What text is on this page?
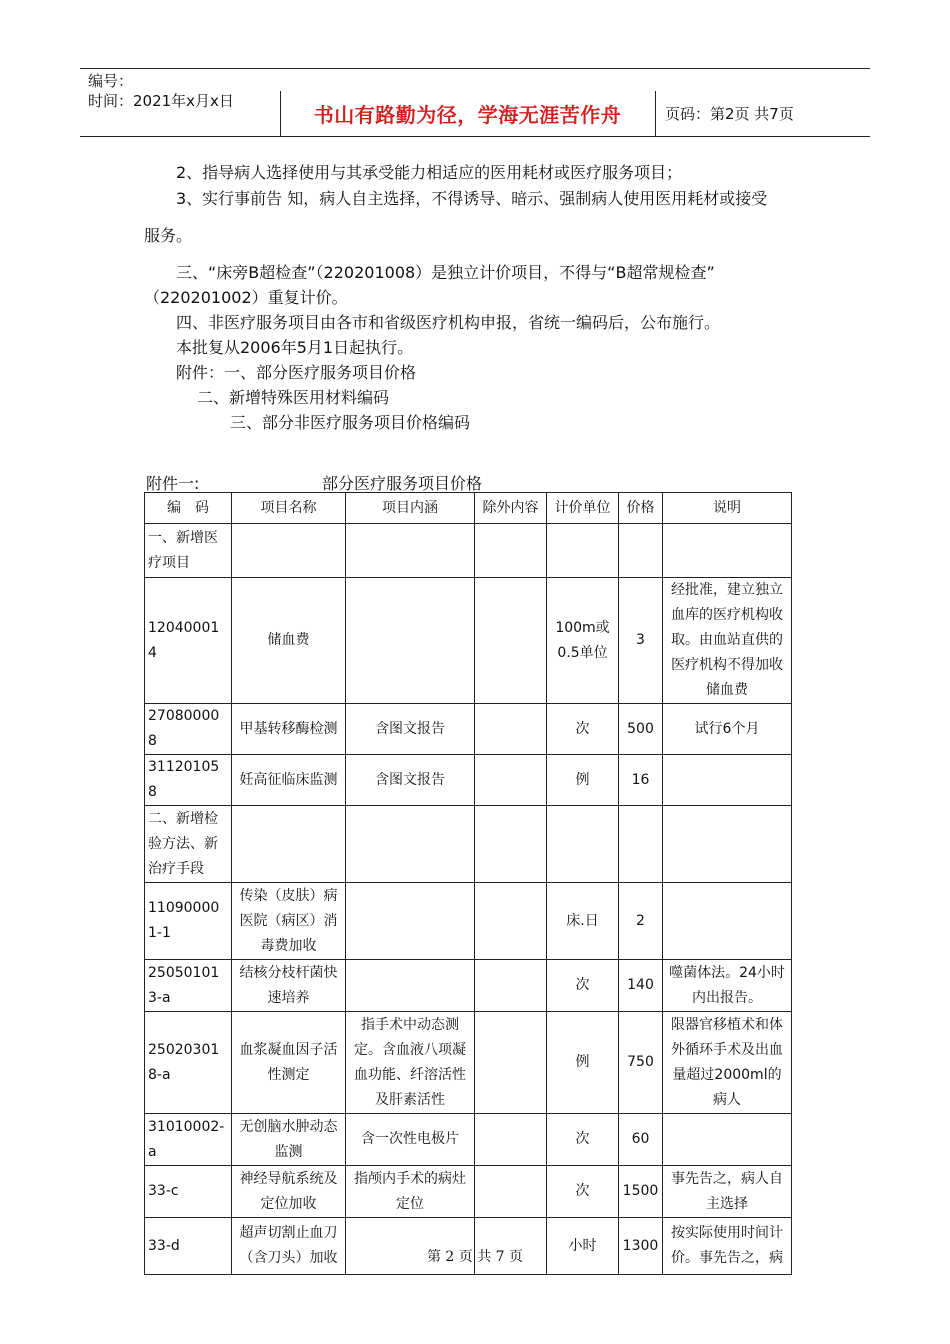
编号：
时间：2021年x月x日
书山有路勤为径，学海无涯苦作舟	页码：第2页 共7页
2、指导病人选择使用与其承受能力相适应的医用耗材或医疗服务项目；
3、实行事前告 知，病人自主选择，不得诱导、暗示、强制病人使用医用耗材或接受
服务。
三、“床旁B超检查”（220201008）是独立计价项目，不得与“B超常规检查”
（220201002）重复计价。
四、非医疗服务项目由各市和省级医疗机构申报，省统一编码后，公布施行。
本批复从2006年5月1日起执行。
附件：一、部分医疗服务项目价格
二、新增特殊医用材料编码
三、部分非医疗服务项目价格编码
附件一:	部分医疗服务项目价格
编　码	项目名称	项目内涵	除外内容	计价单位	价格	说明
一、新增医疗项目						
120400014	储血费			100m或0.5单位	3	经批准，建立独立血库的医疗机构收取。由血站直供的医疗机构不得加收储血费
270800008	甲基转移酶检测	含图文报告		次	500	试行6个月
311201058	妊高征临床监测	含图文报告		例	16	
二、新增检验方法、新治疗手段						
110900001-1	传染（皮肤）病医院（病区）消毒费加收			床.日	2	
250501013-a	结核分枝杆菌快速培养			次	140	噬菌体法。24小时内出报告。
250203018-a	血浆凝血因子活性测定	指手术中动态测定。含血液八项凝血功能、纤溶活性及肝素活性		例	750	限器官移植术和体外循环手术及出血量超过2000ml的病人
31010002-a	无创脑水肿动态监测	含一次性电极片		次	60	
33-c	神经导航系统及定位加收	指颅内手术的病灶定位		次	1500	事先告之，病人自主选择
33-d	超声切割止血刀（含刀头）加收			小时	1300	按实际使用时间计价。事先告之，病
第 2 页 共 7 页
